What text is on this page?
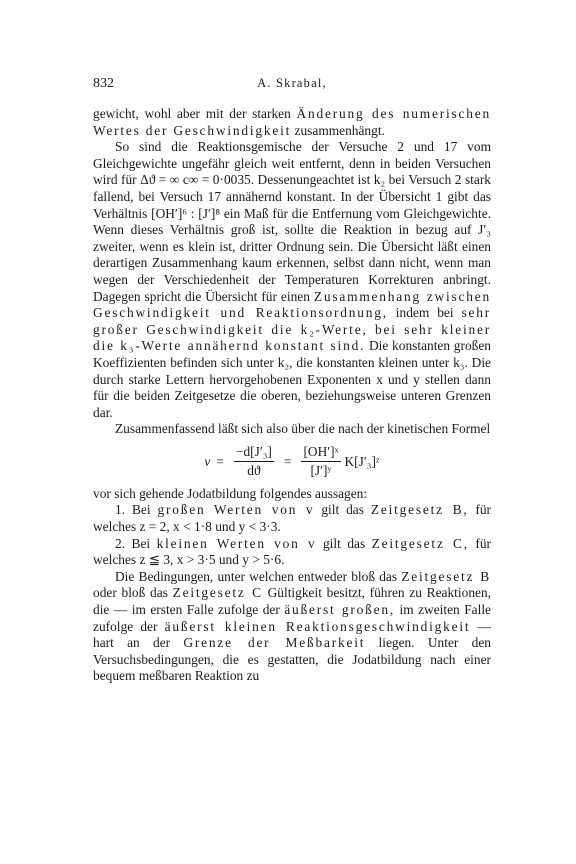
832	A. Skrabal,

gewicht, wohl aber mit der starken Änderung des numerischen Wertes der Geschwindigkeit zusammenhängt.

So sind die Reaktionsgemische der Versuche 2 und 17 vom Gleichgewichte ungefähr gleich weit entfernt, denn in beiden Versuchen wird für Δϑ = ∞ c∞ = 0·0035. Dessenungeachtet ist k₂ bei Versuch 2 stark fallend, bei Versuch 17 annähernd konstant. In der Übersicht 1 gibt das Verhältnis [OH′]⁶ : [J′]⁸ ein Maß für die Entfernung vom Gleichgewichte. Wenn dieses Verhältnis groß ist, sollte die Reaktion in bezug auf J′₃ zweiter, wenn es klein ist, dritter Ordnung sein. Die Übersicht läßt einen derartigen Zusammenhang kaum erkennen, selbst dann nicht, wenn man wegen der Verschiedenheit der Temperaturen Korrekturen anbringt. Dagegen spricht die Übersicht für einen Zusammenhang zwischen Geschwindigkeit und Reaktionsordnung, indem bei sehr großer Geschwindigkeit die k₂-Werte, bei sehr kleiner die k₃-Werte annähernd konstant sind. Die konstanten großen Koeffizienten befinden sich unter k₂, die konstanten kleinen unter k₃. Die durch starke Lettern hervorgehobenen Exponenten x und y stellen dann für die beiden Zeitgesetze die oberen, beziehungsweise unteren Grenzen dar.

Zusammenfassend läßt sich also über die nach der kinetischen Formel

$v = \frac{\text{−d[J′₃]}}{dϑ} = \frac{\text{[OH′]ˣ}}{\text{[J′]ʸ}}$ K[J′₃]ᶻ

vor sich gehende Jodatbildung folgendes aussagen:

1. Bei großen Werten von v gilt das Zeitgesetz B, für welches z = 2, x < 1·8 und y < 3·3.

2. Bei kleinen Werten von v gilt das Zeitgesetz C, für welches z ≦ 3, x > 3·5 und y > 5·6.

Die Bedingungen, unter welchen entweder bloß das Zeitgesetz B oder bloß das Zeitgesetz C Gültigkeit besitzt, führen zu Reaktionen, die — im ersten Falle zufolge der äußerst großen, im zweiten Falle zufolge der äußerst kleinen Reaktionsgeschwindigkeit — hart an der Grenze der Meßbarkeit liegen. Unter den Versuchsbedingungen, die es gestatten, die Jodatbildung nach einer bequem meßbaren Reaktion zu
